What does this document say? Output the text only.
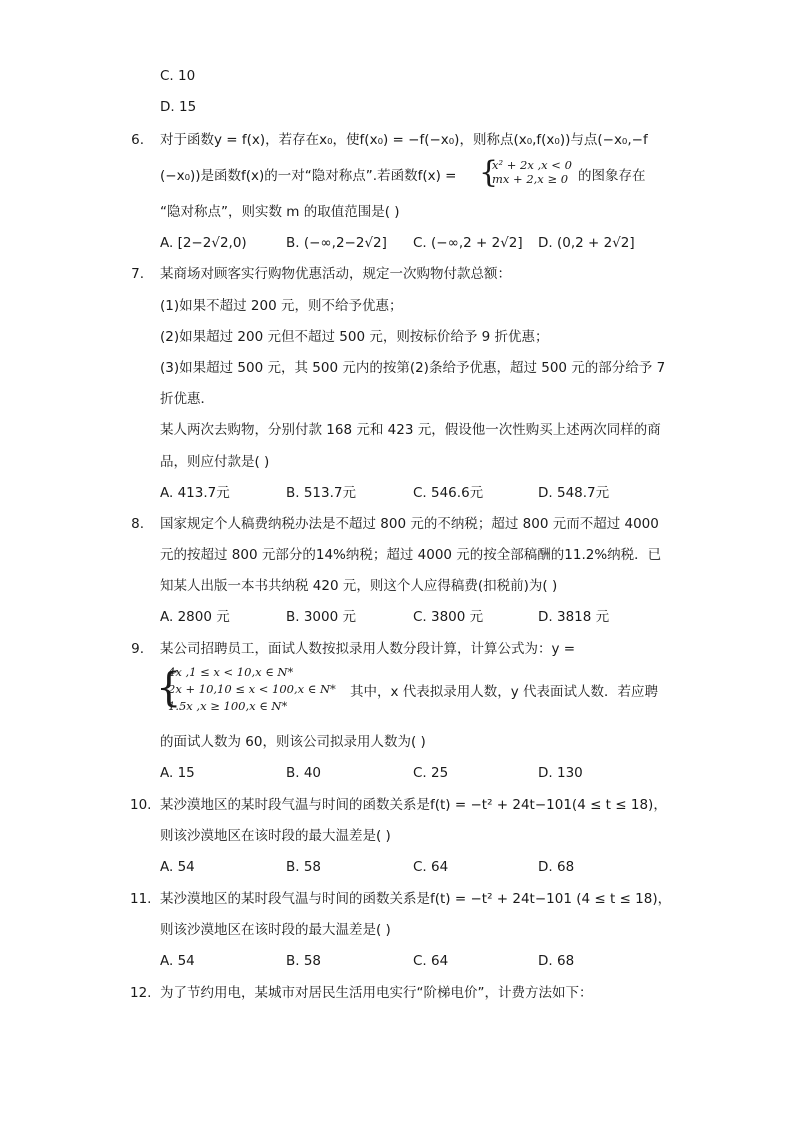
C. 10
D. 15
6. 对于函数y = f(x)，若存在x₀，使f(x₀) = −f(−x₀)，则称点(x₀,f(x₀))与点(−x₀,−f
(−x₀))是函数f(x)的一对“隐对称点”.若函数f(x) = {
x² + 2x ,x < 0
mx + 2,x ≥ 0 的图象存在
“隐对称点”，则实数 m 的取值范围是( )
A. [2−2√2,0)	B. (−∞,2−2√2] C. (−∞,2 + 2√2] D. (0,2 + 2√2]
7. 某商场对顾客实行购物优惠活动，规定一次购物付款总额：
(1)如果不超过 200 元，则不给予优惠；
(2)如果超过 200 元但不超过 500 元，则按标价给予 9 折优惠；
(3)如果超过 500 元，其 500 元内的按第(2)条给予优惠，超过 500 元的部分给予 7
折优惠．
某人两次去购物，分别付款 168 元和 423 元，假设他一次性购买上述两次同样的商
品，则应付款是( )
A. 413.7元	B. 513.7元	C. 546.6元	D. 548.7元
8. 国家规定个人稿费纳税办法是不超过 800 元的不纳税；超过 800 元而不超过 4000
元的按超过 800 元部分的14%纳税；超过 4000 元的按全部稿酬的11.2%纳税．已
知某人出版一本书共纳税 420 元，则这个人应得稿费(扣税前)为( )
A. 2800 元	B. 3000 元	C. 3800 元	D. 3818 元
9. 某公司招聘员工，面试人数按拟录用人数分段计算，计算公式为：y =
{
4x ,1 ≤ x < 10,x ∈ N*
2x + 10,10 ≤ x < 100,x ∈ N*
1.5x ,x ≥ 100,x ∈ N*
其中，x 代表拟录用人数，y 代表面试人数．若应聘
的面试人数为 60，则该公司拟录用人数为( )
A. 15	B. 40	C. 25	D. 130
10. 某沙漠地区的某时段气温与时间的函数关系是f(t) = −t² + 24t−101(4 ≤ t ≤ 18)，
则该沙漠地区在该时段的最大温差是( )
A. 54	B. 58	C. 64	D. 68
11. 某沙漠地区的某时段气温与时间的函数关系是f(t) = −t² + 24t−101 (4 ≤ t ≤ 18)，
则该沙漠地区在该时段的最大温差是( )
A. 54	B. 58	C. 64	D. 68
12. 为了节约用电，某城市对居民生活用电实行“阶梯电价”，计费方法如下：
